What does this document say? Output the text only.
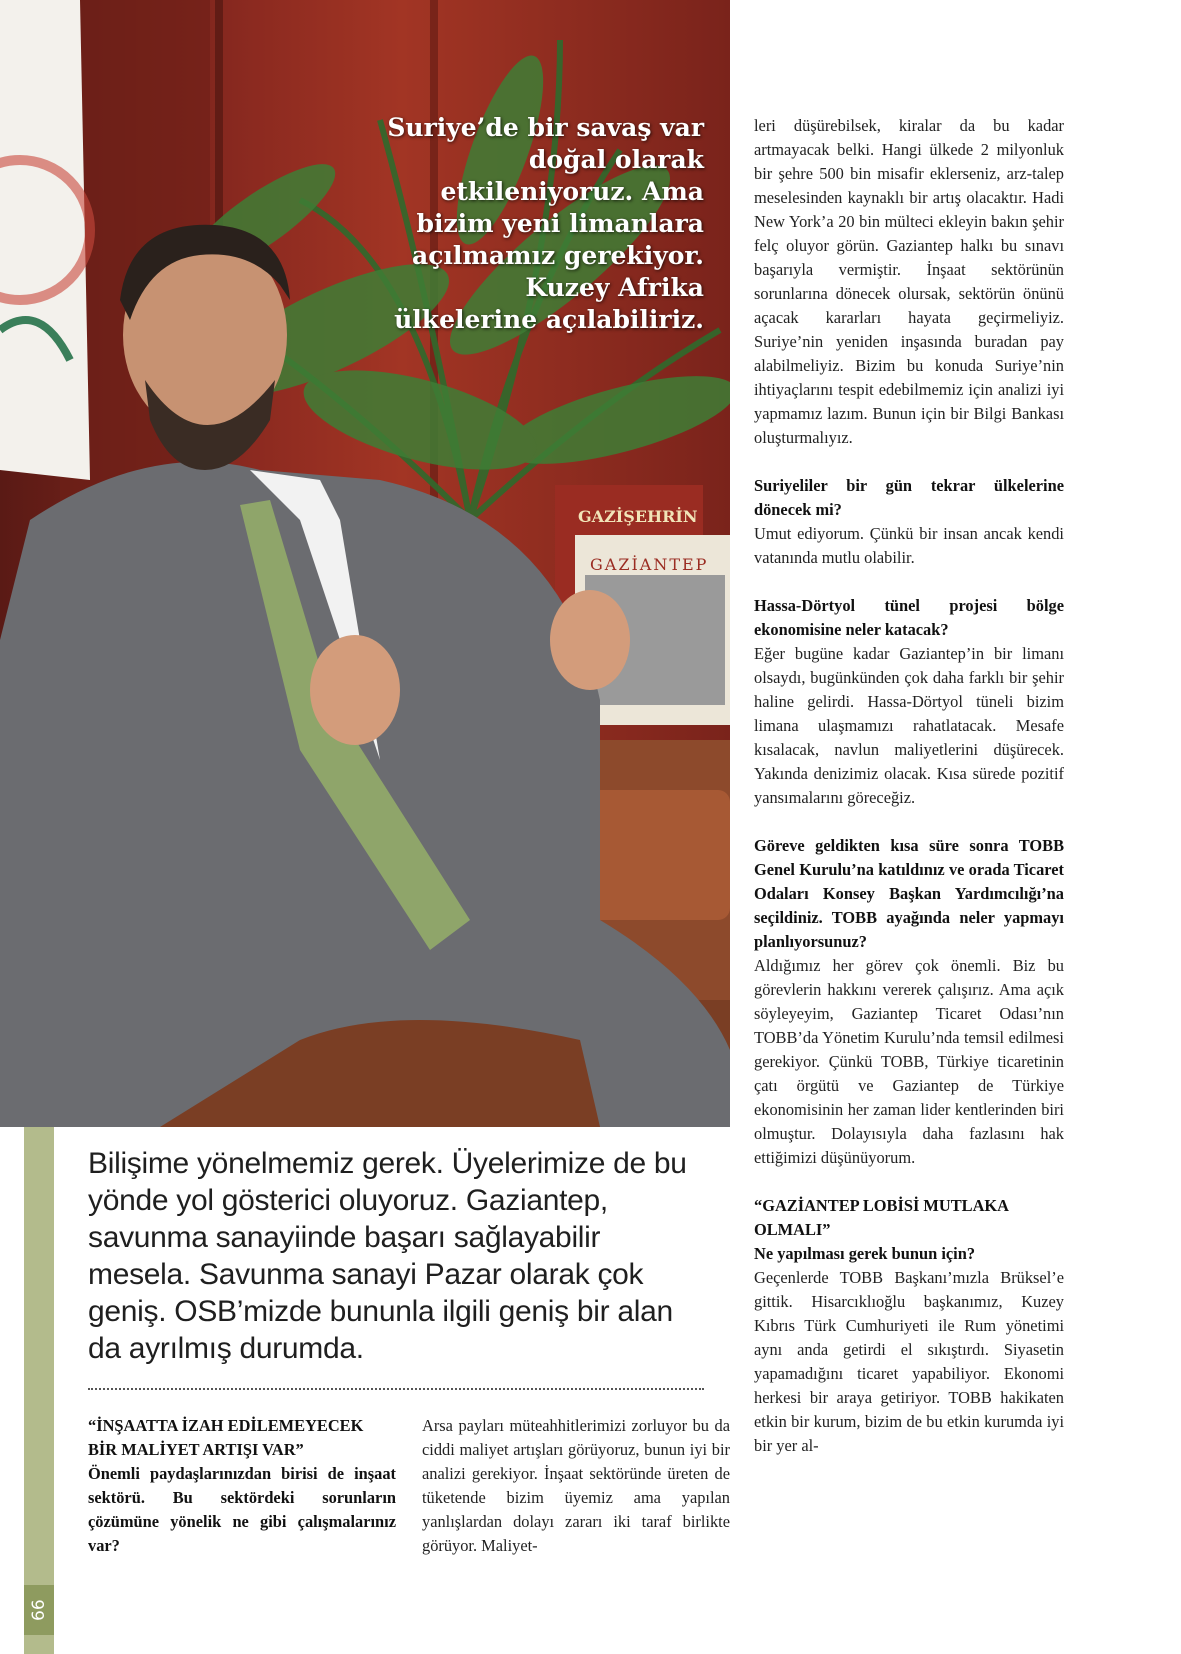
66
GAZİŞEHRİN
GAZİANTEP
Suriye’de bir savaş var doğal olarak etkileniyoruz. Ama bizim yeni limanlara açılmamız gerekiyor. Kuzey Afrika ülkelerine açılabiliriz.
Bilişime yönelmemiz gerek. Üyelerimize de bu yönde yol gösterici oluyoruz. Gaziantep, savunma sanayiinde başarı sağlayabilir mesela. Savunma sanayi Pazar olarak çok geniş. OSB’mizde bununla ilgili geniş bir alan da ayrılmış durumda.

“İNŞAATTA İZAH EDİLEMEYECEK BİR MALİYET ARTIŞI VAR”

Önemli paydaşlarınızdan birisi de inşaat sektörü. Bu sektördeki sorunların çözümüne yönelik ne gibi çalışmalarınız var?

Arsa payları müteahhitlerimizi zorluyor bu da ciddi maliyet artışları görüyoruz, bunun iyi bir analizi gerekiyor. İnşaat sektöründe üreten de tüketende bizim üyemiz ama yapılan yanlışlardan dolayı zararı iki taraf birlikte görüyor. Maliyet-

leri düşürebilsek, kiralar da bu kadar artmayacak belki. Hangi ülkede 2 milyonluk bir şehre 500 bin misafir eklerseniz, arz-talep meselesinden kaynaklı bir artış olacaktır. Hadi New York’a 20 bin mülteci ekleyin bakın şehir felç oluyor görün. Gaziantep halkı bu sınavı başarıyla vermiştir. İnşaat sektörünün sorunlarına dönecek olursak, sektörün önünü açacak kararları hayata geçirmeliyiz. Suriye’nin yeniden inşasında buradan pay alabilmeliyiz. Bizim bu konuda Suriye’nin ihtiyaçlarını tespit edebilmemiz için analizi iyi yapmamız lazım. Bunun için bir Bilgi Bankası oluşturmalıyız.

Suriyeliler bir gün tekrar ülkelerine dönecek mi?

Umut ediyorum. Çünkü bir insan ancak kendi vatanında mutlu olabilir.

Hassa-Dörtyol tünel projesi bölge ekonomisine neler katacak?

Eğer bugüne kadar Gaziantep’in bir limanı olsaydı, bugünkünden çok daha farklı bir şehir haline gelirdi. Hassa-Dörtyol tüneli bizim limana ulaşmamızı rahatlatacak. Mesafe kısalacak, navlun maliyetlerini düşürecek. Yakında denizimiz olacak. Kısa sürede pozitif yansımalarını göreceğiz.

Göreve geldikten kısa süre sonra TOBB Genel Kurulu’na katıldınız ve orada Ticaret Odaları Konsey Başkan Yardımcılığı’na seçildiniz. TOBB ayağında neler yapmayı planlıyorsunuz?

Aldığımız her görev çok önemli. Biz bu görevlerin hakkını vererek çalışırız. Ama açık söyleyeyim, Gaziantep Ticaret Odası’nın TOBB’da Yönetim Kurulu’nda temsil edilmesi gerekiyor. Çünkü TOBB, Türkiye ticaretinin çatı örgütü ve Gaziantep de Türkiye ekonomisinin her zaman lider kentlerinden biri olmuştur. Dolayısıyla daha fazlasını hak ettiğimizi düşünüyorum.

“GAZİANTEP LOBİSİ MUTLAKA OLMALI”

Ne yapılması gerek bunun için?

Geçenlerde TOBB Başkanı’mızla Brüksel’e gittik. Hisarcıklıoğlu başkanımız, Kuzey Kıbrıs Türk Cumhuriyeti ile Rum yönetimi aynı anda getirdi el sıkıştırdı. Siyasetin yapamadığını ticaret yapabiliyor. Ekonomi herkesi bir araya getiriyor. TOBB hakikaten etkin bir kurum, bizim de bu etkin kurumda iyi bir yer al-
